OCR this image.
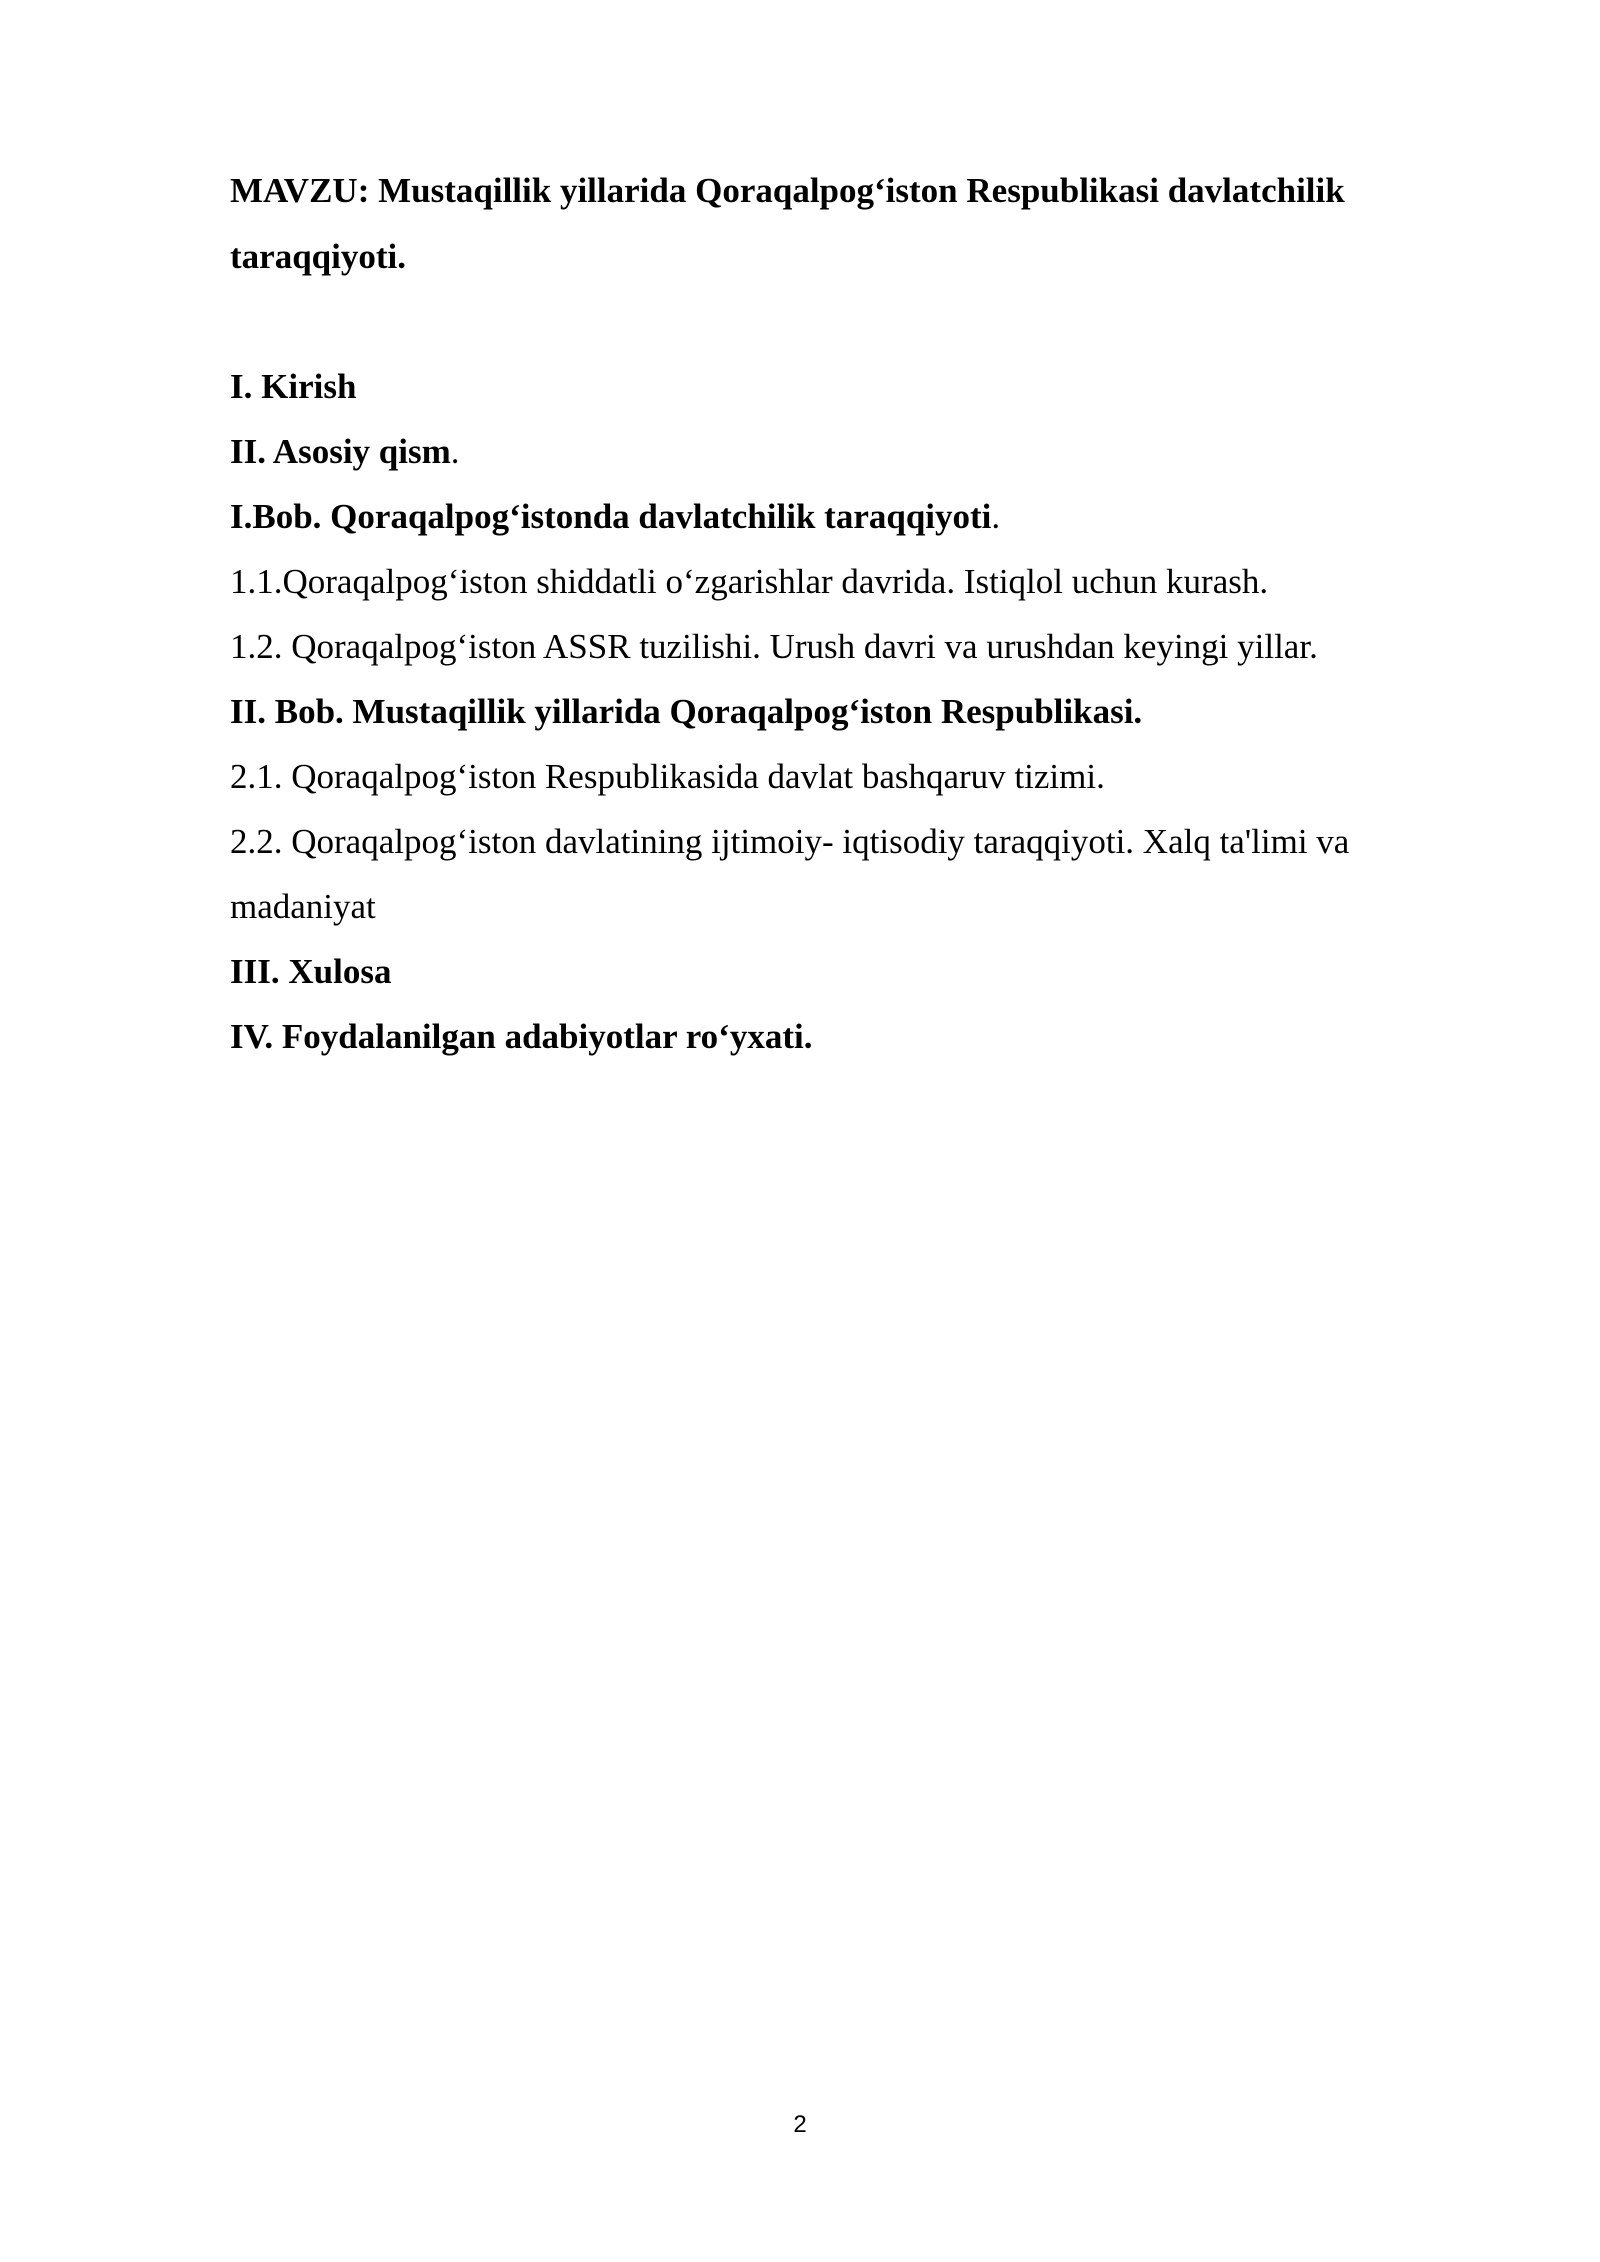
MAVZU: Mustaqillik yillarida Qoraqalpog‘iston Respublikasi davlatchilik taraqqiyoti.

I. Kirish
II. Asosiy qism.
I.Bob. Qoraqalpog‘istonda davlatchilik taraqqiyoti.
1.1.Qoraqalpog‘iston shiddatli o‘zgarishlar davrida. Istiqlol uchun kurash.
1.2. Qoraqalpog‘iston ASSR tuzilishi. Urush davri va urushdan keyingi yillar.
II. Bob. Mustaqillik yillarida Qoraqalpog‘iston Respublikasi.
2.1. Qoraqalpog‘iston Respublikasida davlat bashqaruv tizimi.
2.2. Qoraqalpog‘iston davlatining ijtimoiy- iqtisodiy taraqqiyoti. Xalq ta'limi va madaniyat
III. Xulosa
IV. Foydalanilgan adabiyotlar ro‘yxati.
2
